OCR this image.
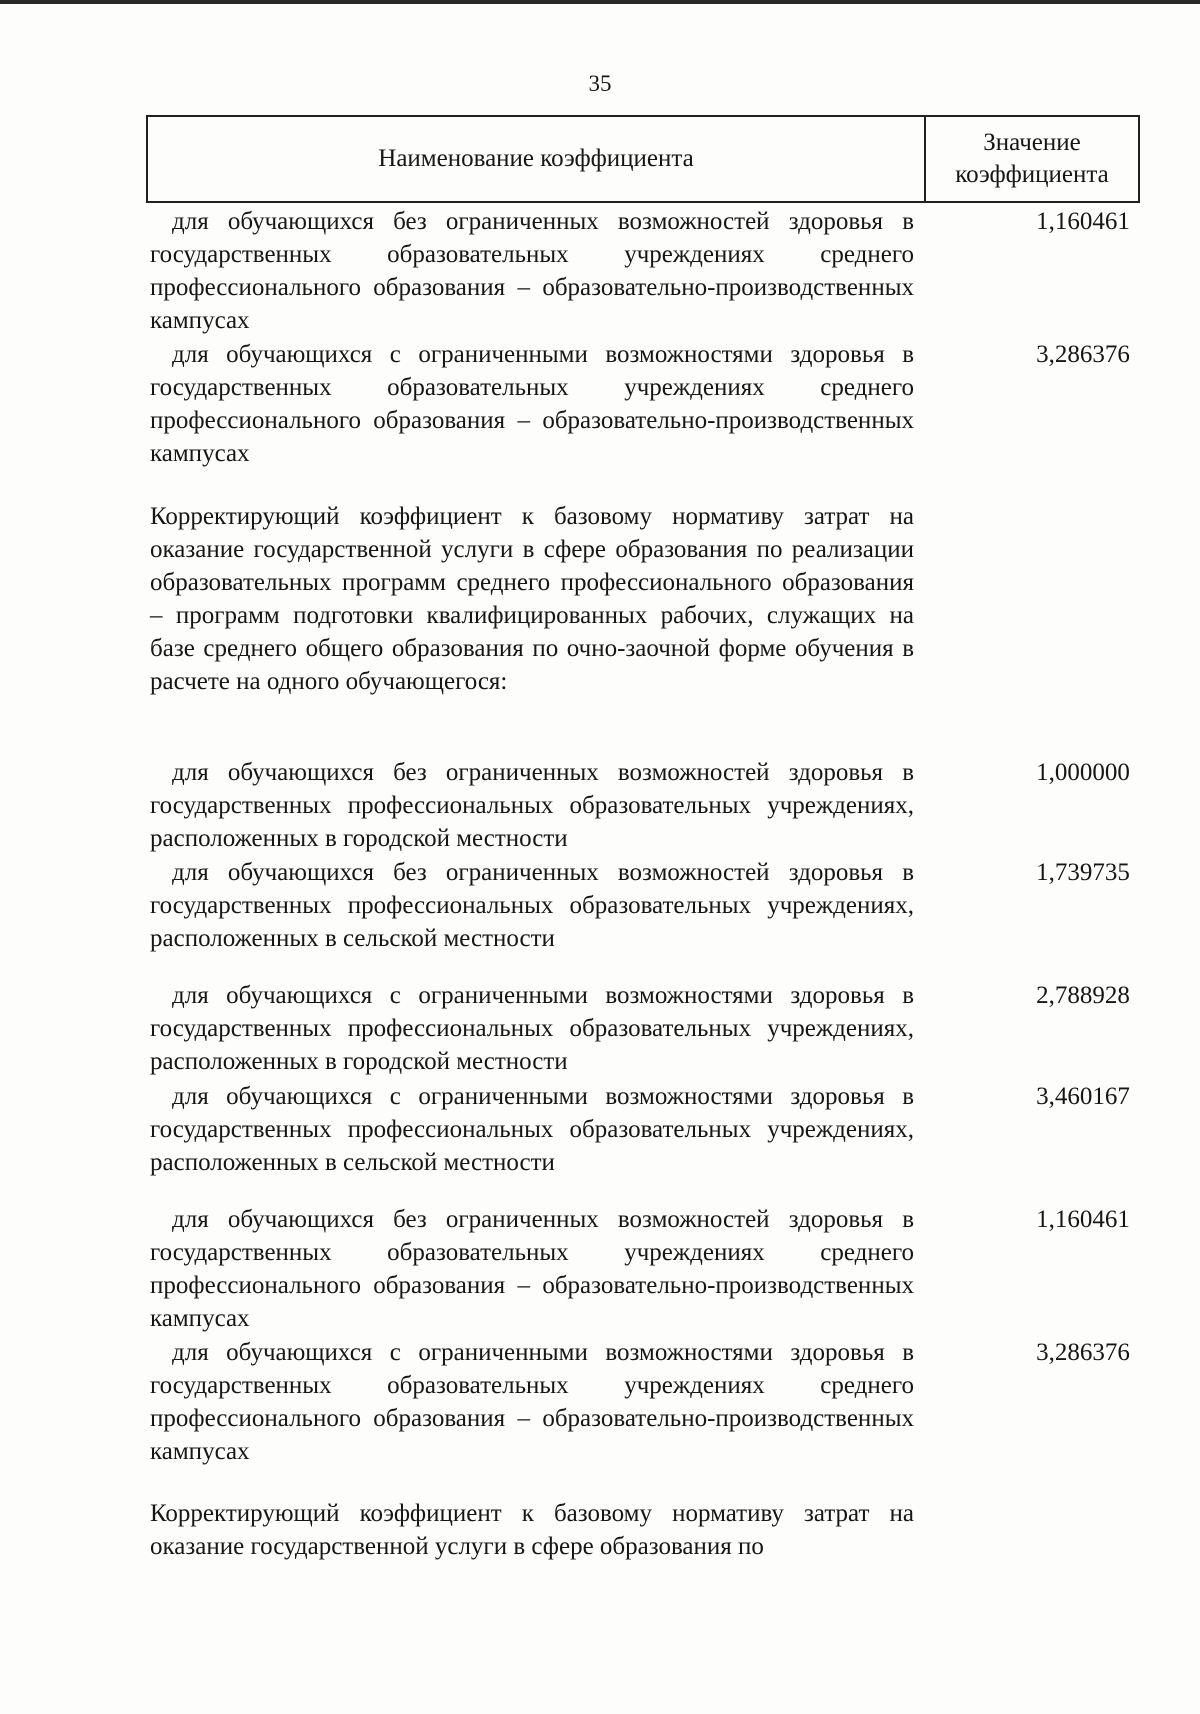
35
Наименование коэффициента
Значение
коэффициента
для обучающихся без ограниченных возможностей здоровья в государственных образовательных учреждениях среднего профессионального образования – образовательно-производственных кампусах
1,160461
для обучающихся с ограниченными возможностями здоровья в государственных образовательных учреждениях среднего профессионального образования – образовательно-производственных кампусах
3,286376
Корректирующий коэффициент к базовому нормативу затрат на оказание государственной услуги в сфере образования по реализации образовательных программ среднего профессионального образования – программ подготовки квалифицированных рабочих, служащих на базе среднего общего образования по очно-заочной форме обучения в расчете на одного обучающегося:
для обучающихся без ограниченных возможностей здоровья в государственных профессиональных образовательных учреждениях, расположенных в городской местности
1,000000
для обучающихся без ограниченных возможностей здоровья в государственных профессиональных образовательных учреждениях, расположенных в сельской местности
1,739735
для обучающихся с ограниченными возможностями здоровья в государственных профессиональных образовательных учреждениях, расположенных в городской местности
2,788928
для обучающихся с ограниченными возможностями здоровья в государственных профессиональных образовательных учреждениях, расположенных в сельской местности
3,460167
для обучающихся без ограниченных возможностей здоровья в государственных образовательных учреждениях среднего профессионального образования – образовательно-производственных кампусах
1,160461
для обучающихся с ограниченными возможностями здоровья в государственных образовательных учреждениях среднего профессионального образования – образовательно-производственных кампусах
3,286376
Корректирующий коэффициент к базовому нормативу затрат на оказание государственной услуги в сфере образования по
